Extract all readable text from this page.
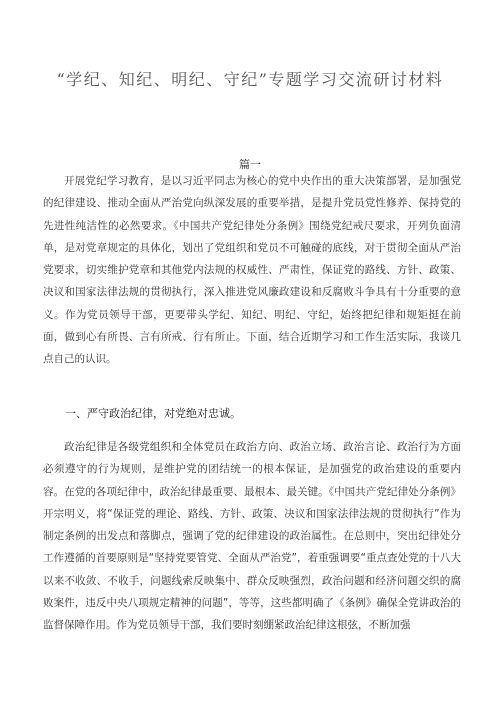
“学纪、知纪、明纪、守纪”专题学习交流研讨材料
篇一

开展党纪学习教育，是以习近平同志为核心的党中央作出的重大决策部署，是加强党的纪律建设、推动全面从严治党向纵深发展的重要举措，是提升党员党性修养、保持党的先进性纯洁性的必然要求。《中国共产党纪律处分条例》围绕党纪戒尺要求，开列负面清单，是对党章规定的具体化，划出了党组织和党员不可触碰的底线，对于贯彻全面从严治党要求，切实维护党章和其他党内法规的权威性、严肃性，保证党的路线、方针、政策、决议和国家法律法规的贯彻执行，深入推进党风廉政建设和反腐败斗争具有十分重要的意义。作为党员领导干部，更要带头学纪、知纪、明纪、守纪，始终把纪律和规矩挺在前面，做到心有所畏、言有所戒、行有所止。下面，结合近期学习和工作生活实际，我谈几点自己的认识。

一、严守政治纪律，对党绝对忠诚。

政治纪律是各级党组织和全体党员在政治方向、政治立场、政治言论、政治行为方面必须遵守的行为规则，是维护党的团结统一的根本保证，是加强党的政治建设的重要内容。在党的各项纪律中，政治纪律最重要、最根本、最关键。《中国共产党纪律处分条例》开宗明义，将“保证党的理论、路线、方针、政策、决议和国家法律法规的贯彻执行”作为制定条例的出发点和落脚点，强调了党的纪律建设的政治属性。在总则中，突出纪律处分工作遵循的首要原则是“坚持党要管党、全面从严治党”，着重强调要“重点查处党的十八大以来不收敛、不收手，问题线索反映集中、群众反映强烈，政治问题和经济问题交织的腐败案件，违反中央八项规定精神的问题”，等等，这些都明确了《条例》确保全党讲政治的监督保障作用。作为党员领导干部，我们要时刻绷紧政治纪律这根弦，不断加强
